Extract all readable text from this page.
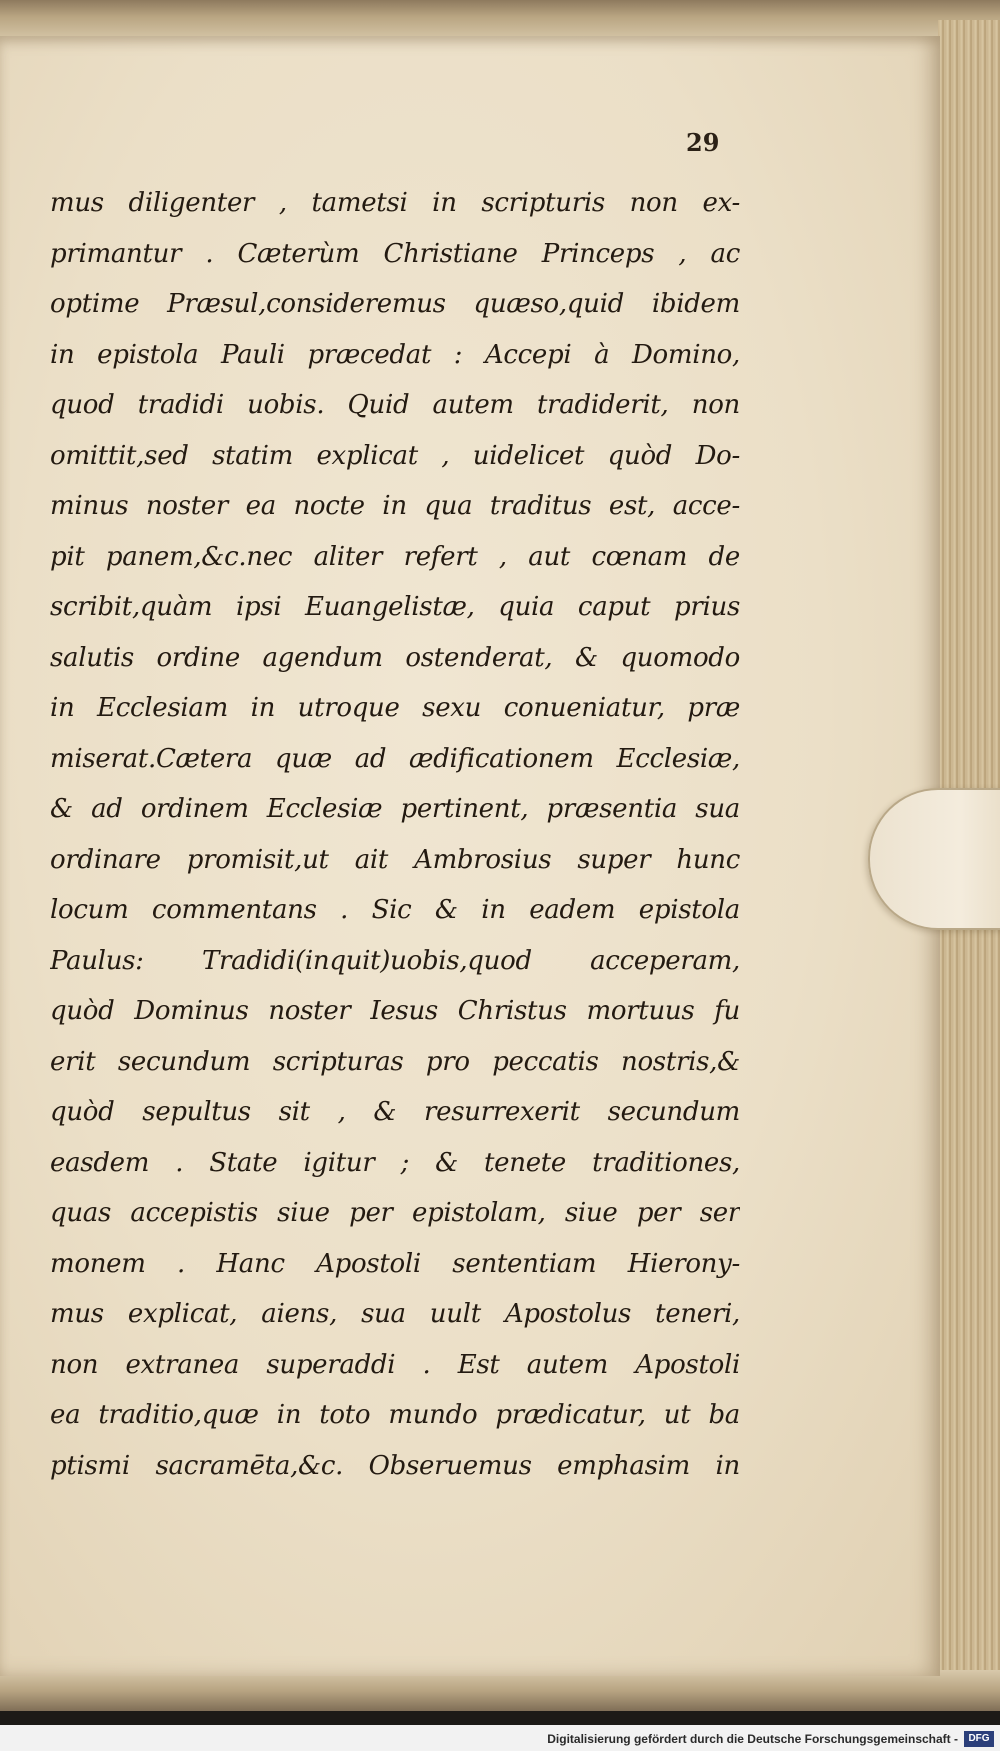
29
mus diligenter , tametsi in scripturis non ex-
primantur . Cæterùm Christiane Princeps , ac
optime Præsul,consideremus quæso,quid ibidem
in epistola Pauli præcedat : Accepi à Domino,
quod tradidi uobis. Quid autem tradiderit, non
omittit,sed statim explicat , uidelicet quòd Do-
minus noster ea nocte in qua traditus est, acce-
pit panem,&c.nec aliter refert , aut cœnam de
scribit,quàm ipsi Euangelistæ, quia caput prius
salutis ordine agendum ostenderat, & quomodo
in Ecclesiam in utroque sexu conueniatur, præ
miserat.Cætera quæ ad ædificationem Ecclesiæ,
& ad ordinem Ecclesiæ pertinent, præsentia sua
ordinare promisit,ut ait Ambrosius super hunc
locum commentans . Sic & in eadem epistola
Paulus: Tradidi(inquit)uobis,quod acceperam,
quòd Dominus noster Iesus Christus mortuus fu
erit secundum scripturas pro peccatis nostris,&
quòd sepultus sit , & resurrexerit secundum
easdem . State igitur ; & tenete traditiones,
quas accepistis siue per epistolam, siue per ser
monem . Hanc Apostoli sententiam Hierony-
mus explicat, aiens, sua uult Apostolus teneri,
non extranea superaddi . Est autem Apostoli
ea traditio,quæ in toto mundo prædicatur, ut ba
ptismi sacramēta,&c. Obseruemus emphasim in
Digitalisierung gefördert durch die Deutsche Forschungsgemeinschaft -	DFG
